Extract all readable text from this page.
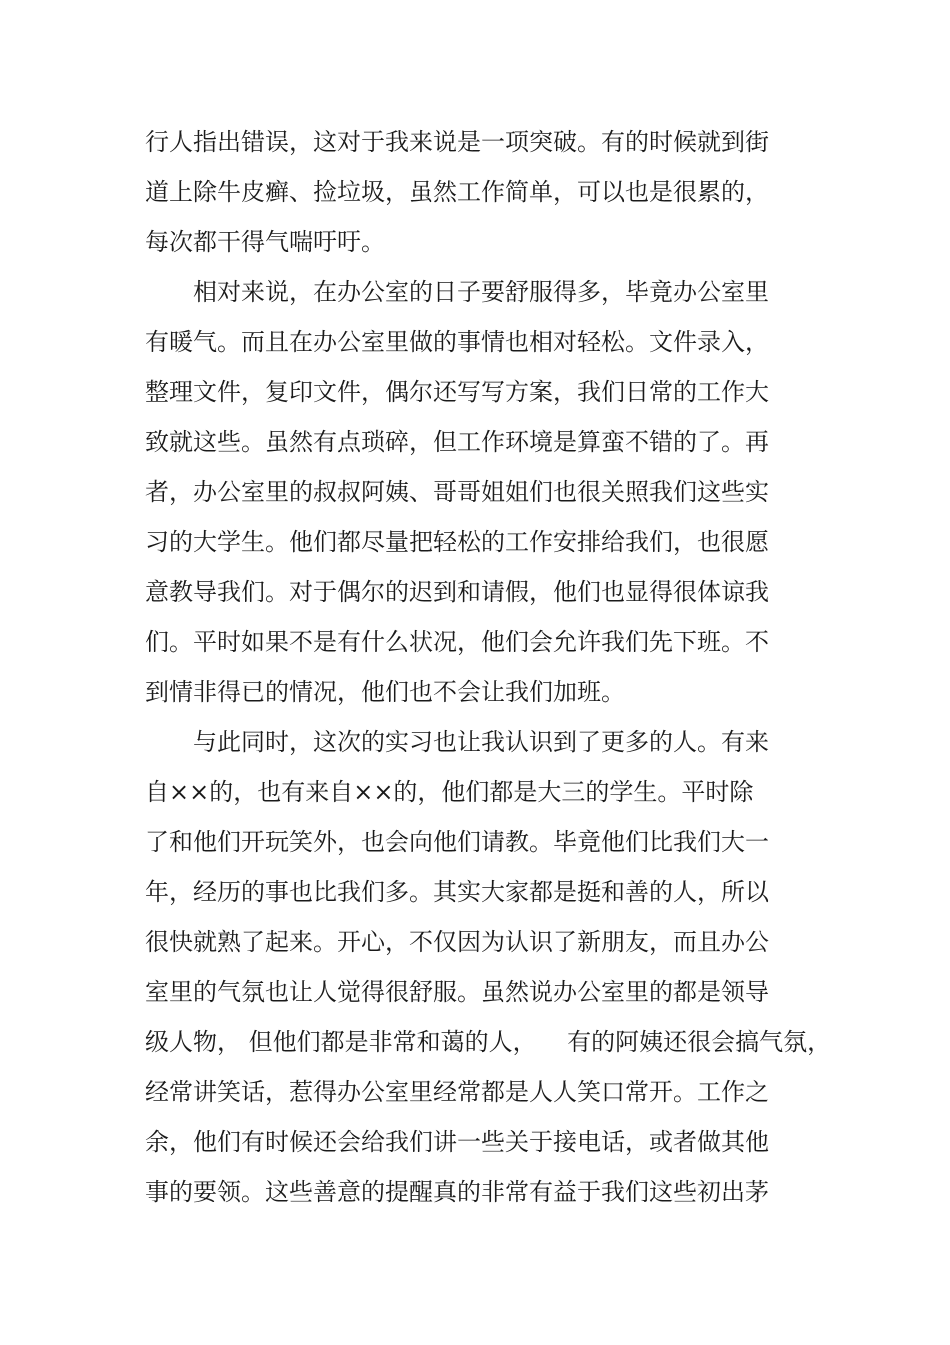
行人指出错误，这对于我来说是一项突破。有的时候就到街
道上除牛皮癣、捡垃圾，虽然工作简单，可以也是很累的，
每次都干得气喘吁吁。
相对来说，在办公室的日子要舒服得多，毕竟办公室里
有暖气。而且在办公室里做的事情也相对轻松。文件录入，
整理文件，复印文件，偶尔还写写方案，我们日常的工作大
致就这些。虽然有点琐碎，但工作环境是算蛮不错的了。再
者，办公室里的叔叔阿姨、哥哥姐姐们也很关照我们这些实
习的大学生。他们都尽量把轻松的工作安排给我们，也很愿
意教导我们。对于偶尔的迟到和请假，他们也显得很体谅我
们。平时如果不是有什么状况，他们会允许我们先下班。不
到情非得已的情况，他们也不会让我们加班。
与此同时，这次的实习也让我认识到了更多的人。有来
自××的，也有来自××的，他们都是大三的学生。平时除
了和他们开玩笑外，也会向他们请教。毕竟他们比我们大一
年，经历的事也比我们多。其实大家都是挺和善的人，所以
很快就熟了起来。开心，不仅因为认识了新朋友，而且办公
室里的气氛也让人觉得很舒服。虽然说办公室里的都是领导
级人物， 但他们都是非常和蔼的人，    有的阿姨还很会搞气氛，
经常讲笑话，惹得办公室里经常都是人人笑口常开。工作之
余，他们有时候还会给我们讲一些关于接电话，或者做其他
事的要领。这些善意的提醒真的非常有益于我们这些初出茅
